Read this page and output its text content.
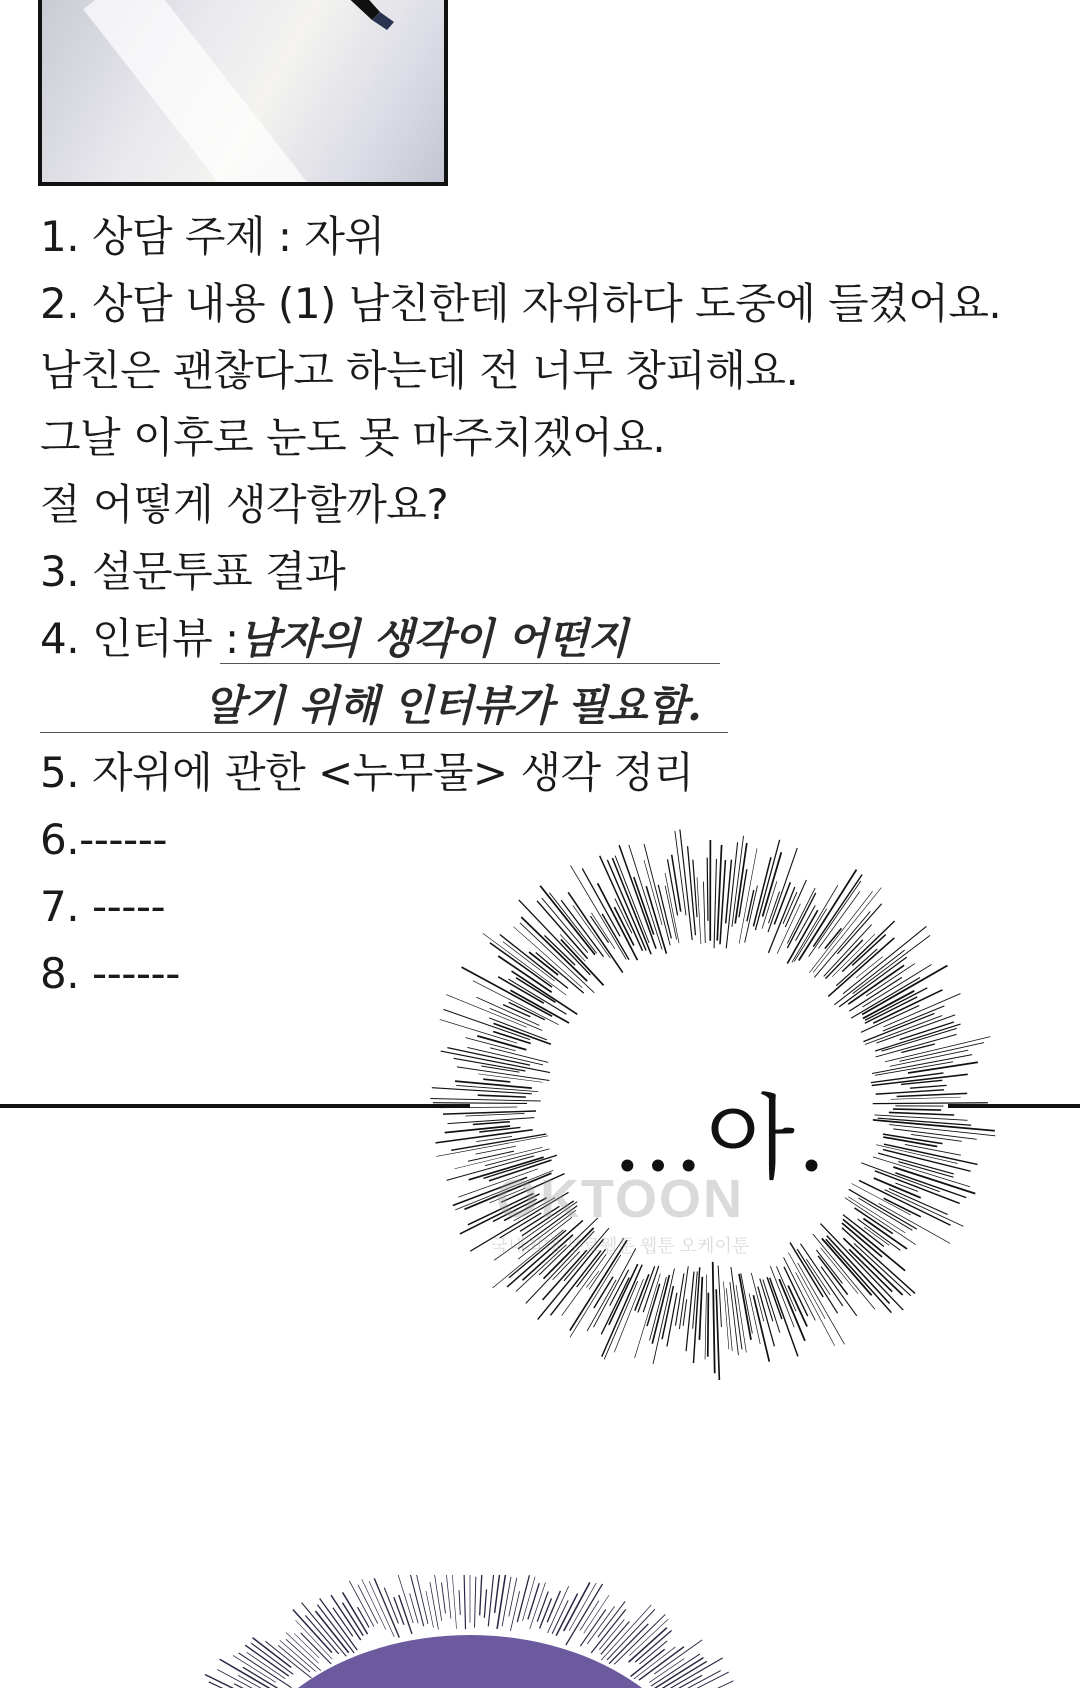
1. 상담 주제 : 자위
2. 상담 내용 (1) 남친한테 자위하다 도중에 들켰어요.
남친은 괜찮다고 하는데 전 너무 창피해요.
그날 이후로 눈도 못 마주치겠어요.
절 어떻게 생각할까요?
3. 설문투표 결과
4. 인터뷰 :남자의 생각이 어떤지
알기 위해 인터뷰가 필요함.
5. 자위에 관한 <누무물> 생각 정리
6.------
7. -----
8. ------
…아.
OKTOON
국내최대 무료웹툰 웹툰 오케이툰
